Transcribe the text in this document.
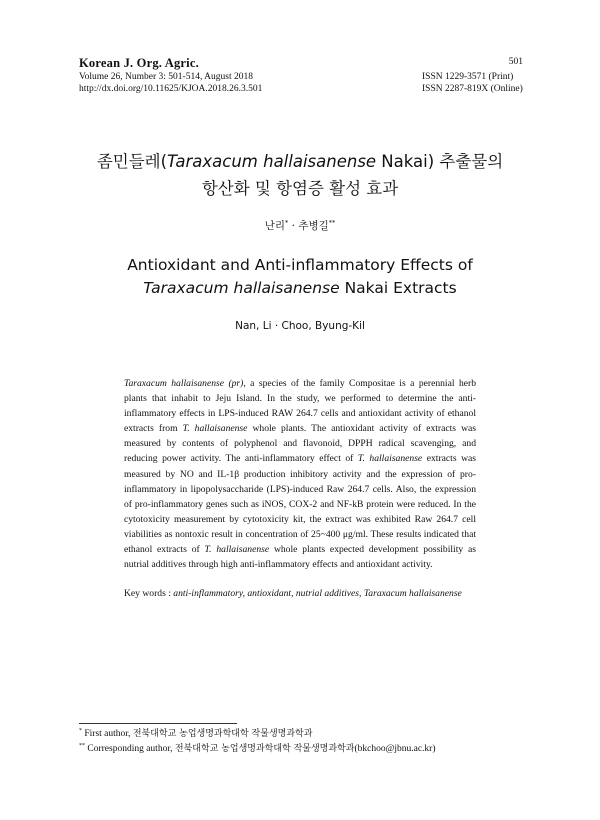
Korean J. Org. Agric.
Volume 26, Number 3: 501-514, August 2018
http://dx.doi.org/10.11625/KJOA.2018.26.3.501
501
ISSN 1229-3571 (Print)
ISSN 2287-819X (Online)
좀민들레(Taraxacum hallaisanense Nakai) 추출물의
항산화 및 항염증 활성 효과
난리* · 추병길**
Antioxidant and Anti-inflammatory Effects of
Taraxacum hallaisanense Nakai Extracts
Nan, Li · Choo, Byung-Kil
Taraxacum hallaisanense (pr), a species of the family Compositae is a perennial herb plants that inhabit to Jeju Island. In the study, we performed to determine the anti-inflammatory effects in LPS-induced RAW 264.7 cells and antioxidant activity of ethanol extracts from T. hallaisanense whole plants. The antioxidant activity of extracts was measured by contents of polyphenol and flavonoid, DPPH radical scavenging, and reducing power activity. The anti-inflammatory effect of T. hallaisanense extracts was measured by NO and IL-1β production inhibitory activity and the expression of pro-inflammatory in lipopolysaccharide (LPS)-induced Raw 264.7 cells. Also, the expression of pro-inflammatory genes such as iNOS, COX-2 and NF-kB protein were reduced. In the cytotoxicity measurement by cytotoxicity kit, the extract was exhibited Raw 264.7 cell viabilities as nontoxic result in concentration of 25~400 μg/ml. These results indicated that ethanol extracts of T. hallaisanense whole plants expected development possibility as nutrial additives through high anti-inflammatory effects and antioxidant activity.
Key words : anti-inflammatory, antioxidant, nutrial additives, Taraxacum hallaisanense
* First author, 전북대학교 농업생명과학대학 작물생명과학과
** Corresponding author, 전북대학교 농업생명과학대학 작물생명과학과(bkchoo@jbnu.ac.kr)
